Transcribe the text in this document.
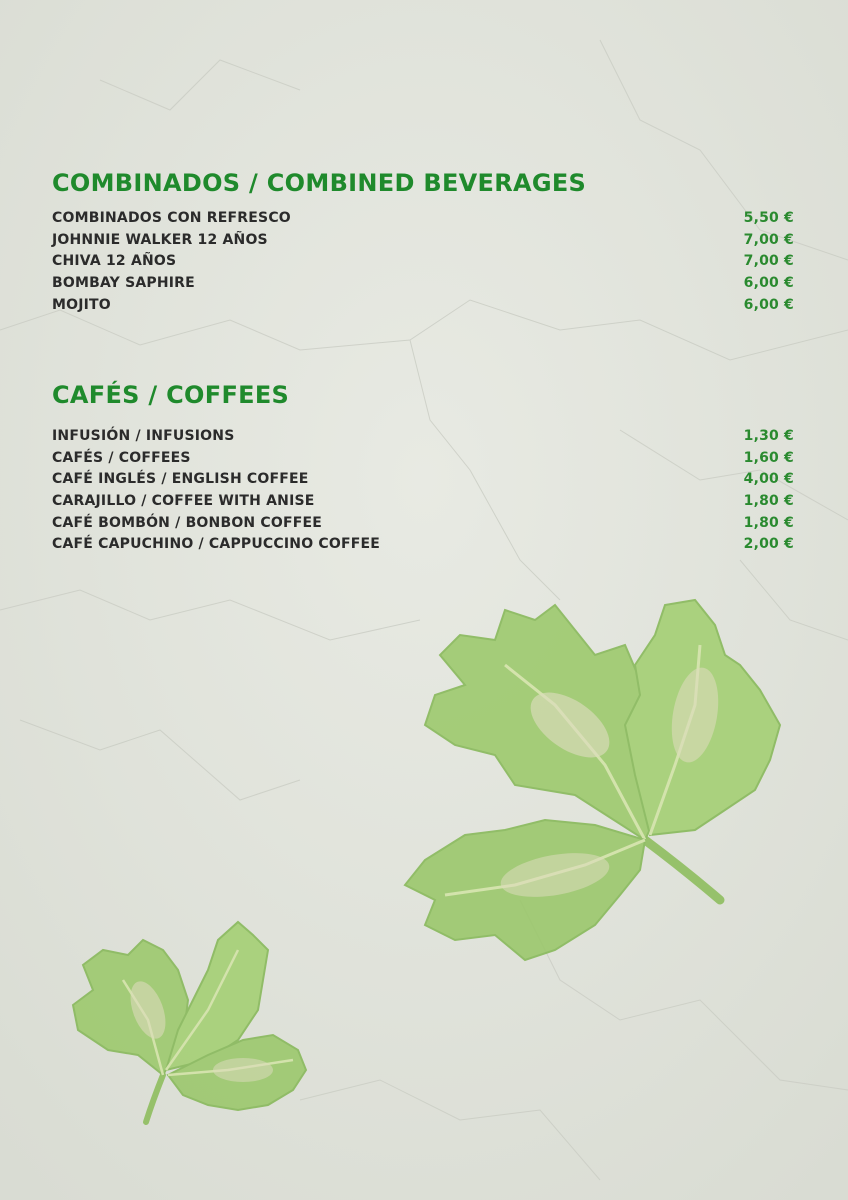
COMBINADOS / COMBINED BEVERAGES
COMBINADOS CON REFRESCO	5,50 €
JOHNNIE WALKER 12 AÑOS	7,00 €
CHIVA 12 AÑOS	7,00 €
BOMBAY SAPHIRE	6,00 €
MOJITO	6,00 €
CAFÉS / COFFEES
INFUSIÓN / INFUSIONS	1,30 €
CAFÉS / COFFEES	1,60 €
CAFÉ INGLÉS / ENGLISH COFFEE	4,00 €
CARAJILLO / COFFEE WITH ANISE	1,80 €
CAFÉ BOMBÓN / BONBON COFFEE	1,80 €
CAFÉ CAPUCHINO / CAPPUCCINO COFFEE	2,00 €
